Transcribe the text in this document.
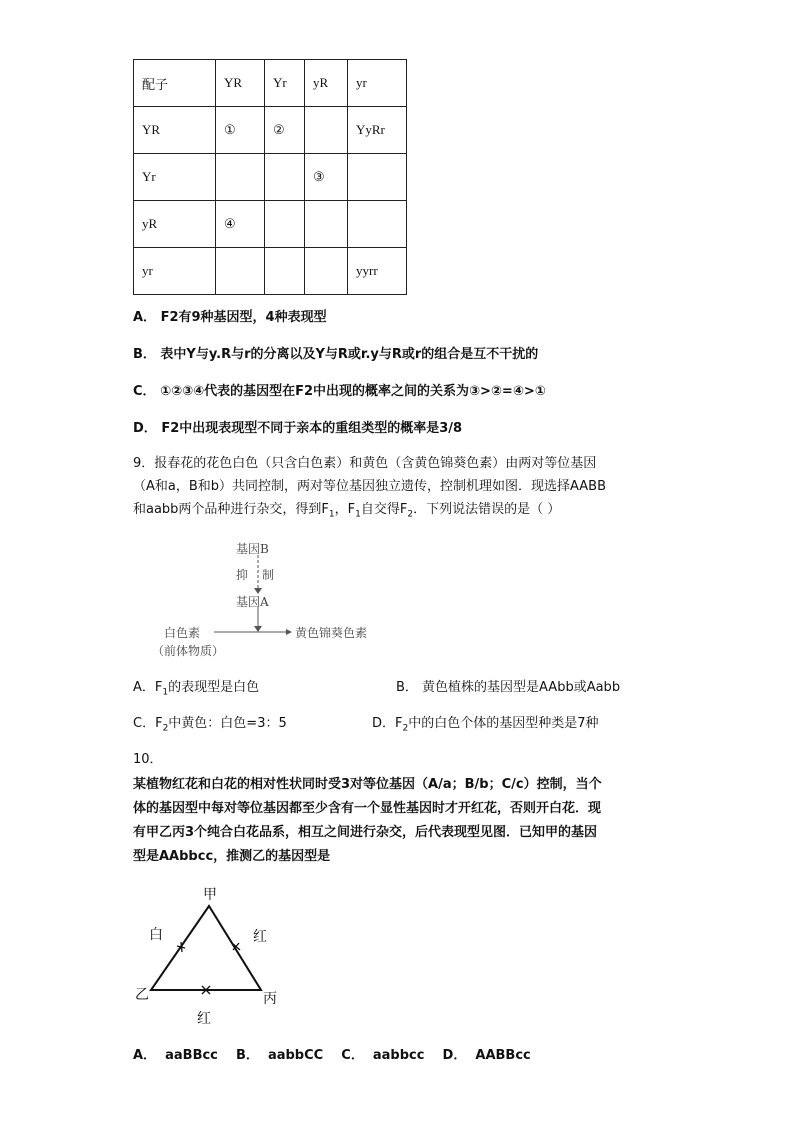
配子	YR	Yr	yR	yr
YR	①	②		YyRr
Yr			③	
yR	④			
yr				yyrr
A． F2有9种基因型，4种表现型
B． 表中Y与y.R与r的分离以及Y与R或r.y与R或r的组合是互不干扰的
C． ①②③④代表的基因型在F2中出现的概率之间的关系为③>②=④>①
D． F2中出现表现型不同于亲本的重组类型的概率是3/8
9．报春花的花色白色（只含白色素）和黄色（含黄色锦葵色素）由两对等位基因
（A和a，B和b）共同控制，两对等位基因独立遗传，控制机理如图．现选择AABB
和aabb两个品种进行杂交，得到$F_1$，$F_1$自交得$F_2$．下列说法错误的是（ ）
基因B
抑 制
基因A
白色素	黄色锦葵色素
（前体物质）
A．$F_1$的表现型是白色	B． 黄色植株的基因型是AAbb或Aabb
C．$F_2$中黄色：白色=3：5	D．$F_2$中的白色个体的基因型种类是7种
10．
某植物红花和白花的相对性状同时受3对等位基因（A/a；B/b；C/c）控制，当个
体的基因型中每对等位基因都至少含有一个显性基因时才开红花，否则开白花．现
有甲乙丙3个纯合白花品系，相互之间进行杂交，后代表现型见图．已知甲的基因
型是AAbbcc，推测乙的基因型是
甲
乙	丙
白	红
红
A．  aaBBcc    B．  aabbCC    C．  aabbcc    D．  AABBcc
